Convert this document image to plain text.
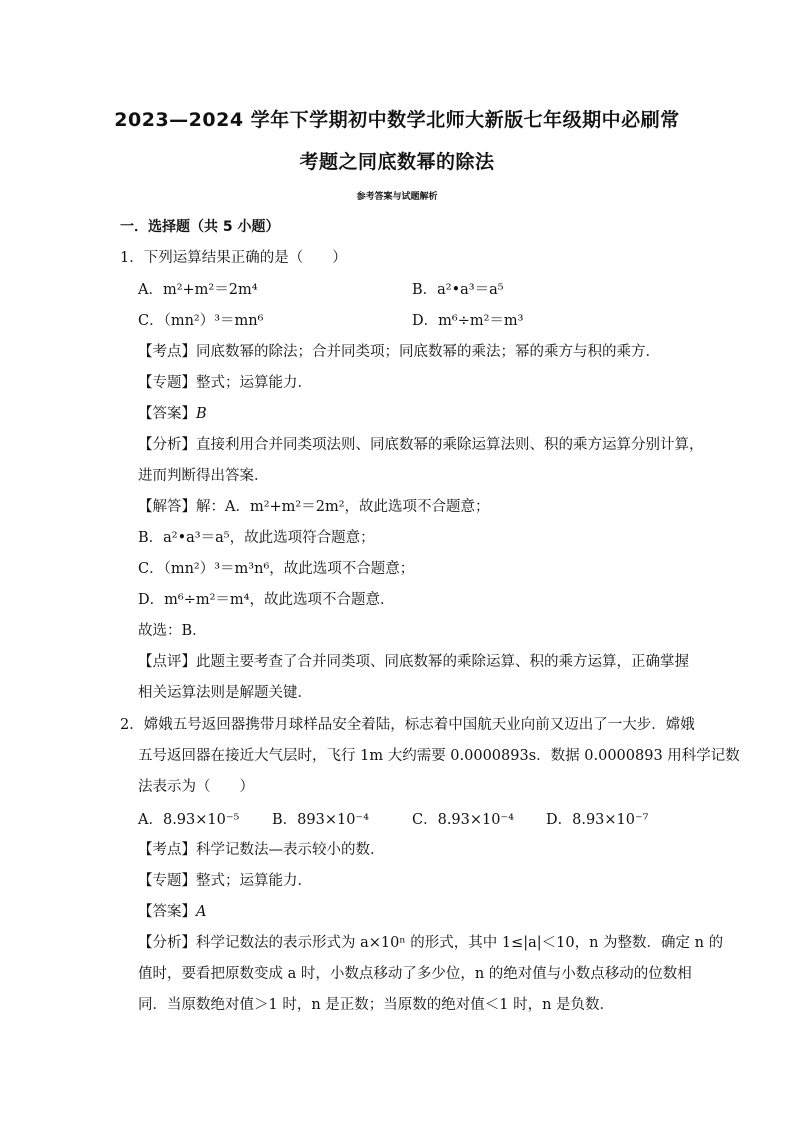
2023—2024 学年下学期初中数学北师大新版七年级期中必刷常
考题之同底数幂的除法
参考答案与试题解析
一．选择题（共 5 小题）
1．下列运算结果正确的是（　　）
A．m²+m²＝2m⁴	B．a²•a³＝a⁵
C．（mn²）³＝mn⁶	D．m⁶÷m²＝m³
【考点】同底数幂的除法；合并同类项；同底数幂的乘法；幂的乘方与积的乘方．
【专题】整式；运算能力．
【答案】B
【分析】直接利用合并同类项法则、同底数幂的乘除运算法则、积的乘方运算分别计算，
进而判断得出答案．
【解答】解：A．m²+m²＝2m²，故此选项不合题意；
B．a²•a³＝a⁵，故此选项符合题意；
C．（mn²）³＝m³n⁶，故此选项不合题意；
D．m⁶÷m²＝m⁴，故此选项不合题意．
故选：B．
【点评】此题主要考查了合并同类项、同底数幂的乘除运算、积的乘方运算，正确掌握
相关运算法则是解题关键．
2．嫦娥五号返回器携带月球样品安全着陆，标志着中国航天业向前又迈出了一大步．嫦娥
五号返回器在接近大气层时，飞行 1m 大约需要 0.0000893s．数据 0.0000893 用科学记数
法表示为（　　）
A．8.93×10⁻⁵ B．893×10⁻⁴	C．8.93×10⁻⁴ D．8.93×10⁻⁷
【考点】科学记数法—表示较小的数．
【专题】整式；运算能力．
【答案】A
【分析】科学记数法的表示形式为 a×10ⁿ 的形式，其中 1≤|a|＜10，n 为整数．确定 n 的
值时，要看把原数变成 a 时，小数点移动了多少位，n 的绝对值与小数点移动的位数相
同．当原数绝对值＞1 时，n 是正数；当原数的绝对值＜1 时，n 是负数．
